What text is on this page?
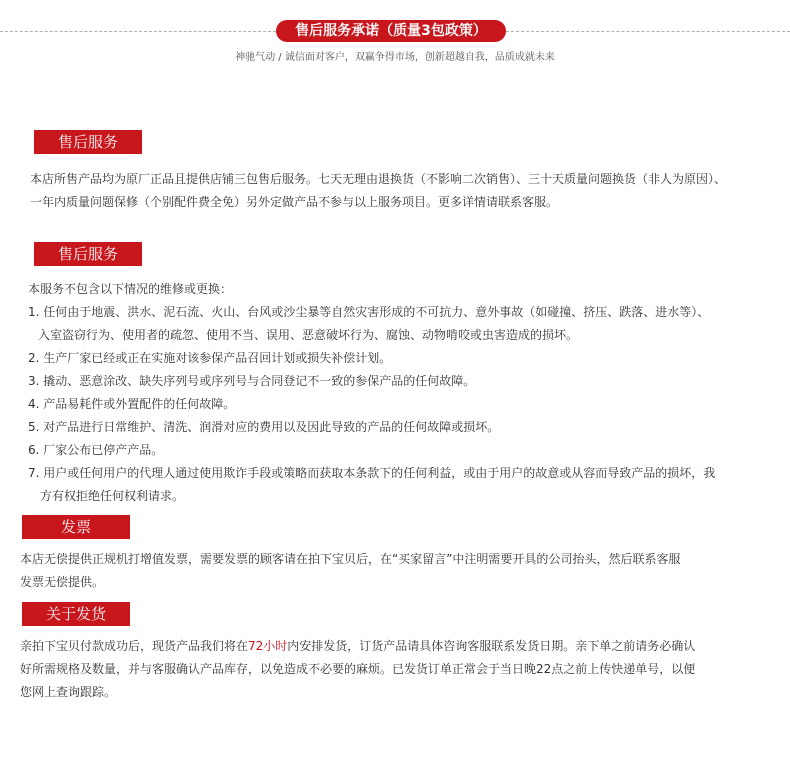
售后服务承诺（质量3包政策）
神驰气动 / 诚信面对客户，双赢争得市场，创新超越自我，品质成就未来
售后服务
本店所售产品均为原厂正品且提供店铺三包售后服务。七天无理由退换货（不影响二次销售）、三十天质量问题换货（非人为原因）、
一年内质量问题保修（个别配件费全免）另外定做产品不参与以上服务项目。更多详情请联系客服。
售后服务
本服务不包含以下情况的维修或更换：
1. 任何由于地震、洪水、泥石流、火山、台风或沙尘暴等自然灾害形成的不可抗力、意外事故（如碰撞、挤压、跌落、进水等）、
入室盗窃行为、使用者的疏忽、使用不当、误用、恶意破坏行为、腐蚀、动物啃咬或虫害造成的损坏。
2. 生产厂家已经或正在实施对该参保产品召回计划或损失补偿计划。
3. 撬动、恶意涂改、缺失序列号或序列号与合同登记不一致的参保产品的任何故障。
4. 产品易耗件或外置配件的任何故障。
5. 对产品进行日常维护、清洗、润滑对应的费用以及因此导致的产品的任何故障或损坏。
6. 厂家公布已停产产品。
7. 用户或任何用户的代理人通过使用欺诈手段或策略而获取本条款下的任何利益，或由于用户的故意或从容而导致产品的损坏，我
方有权拒绝任何权利请求。
发票
本店无偿提供正规机打增值发票，需要发票的顾客请在拍下宝贝后，在“买家留言”中注明需要开具的公司抬头，然后联系客服
发票无偿提供。
关于发货
亲拍下宝贝付款成功后，现货产品我们将在72小时内安排发货，订货产品请具体咨询客服联系发货日期。亲下单之前请务必确认
好所需规格及数量，并与客服确认产品库存，以免造成不必要的麻烦。已发货订单正常会于当日晚22点之前上传快递单号，以便
您网上查询跟踪。
